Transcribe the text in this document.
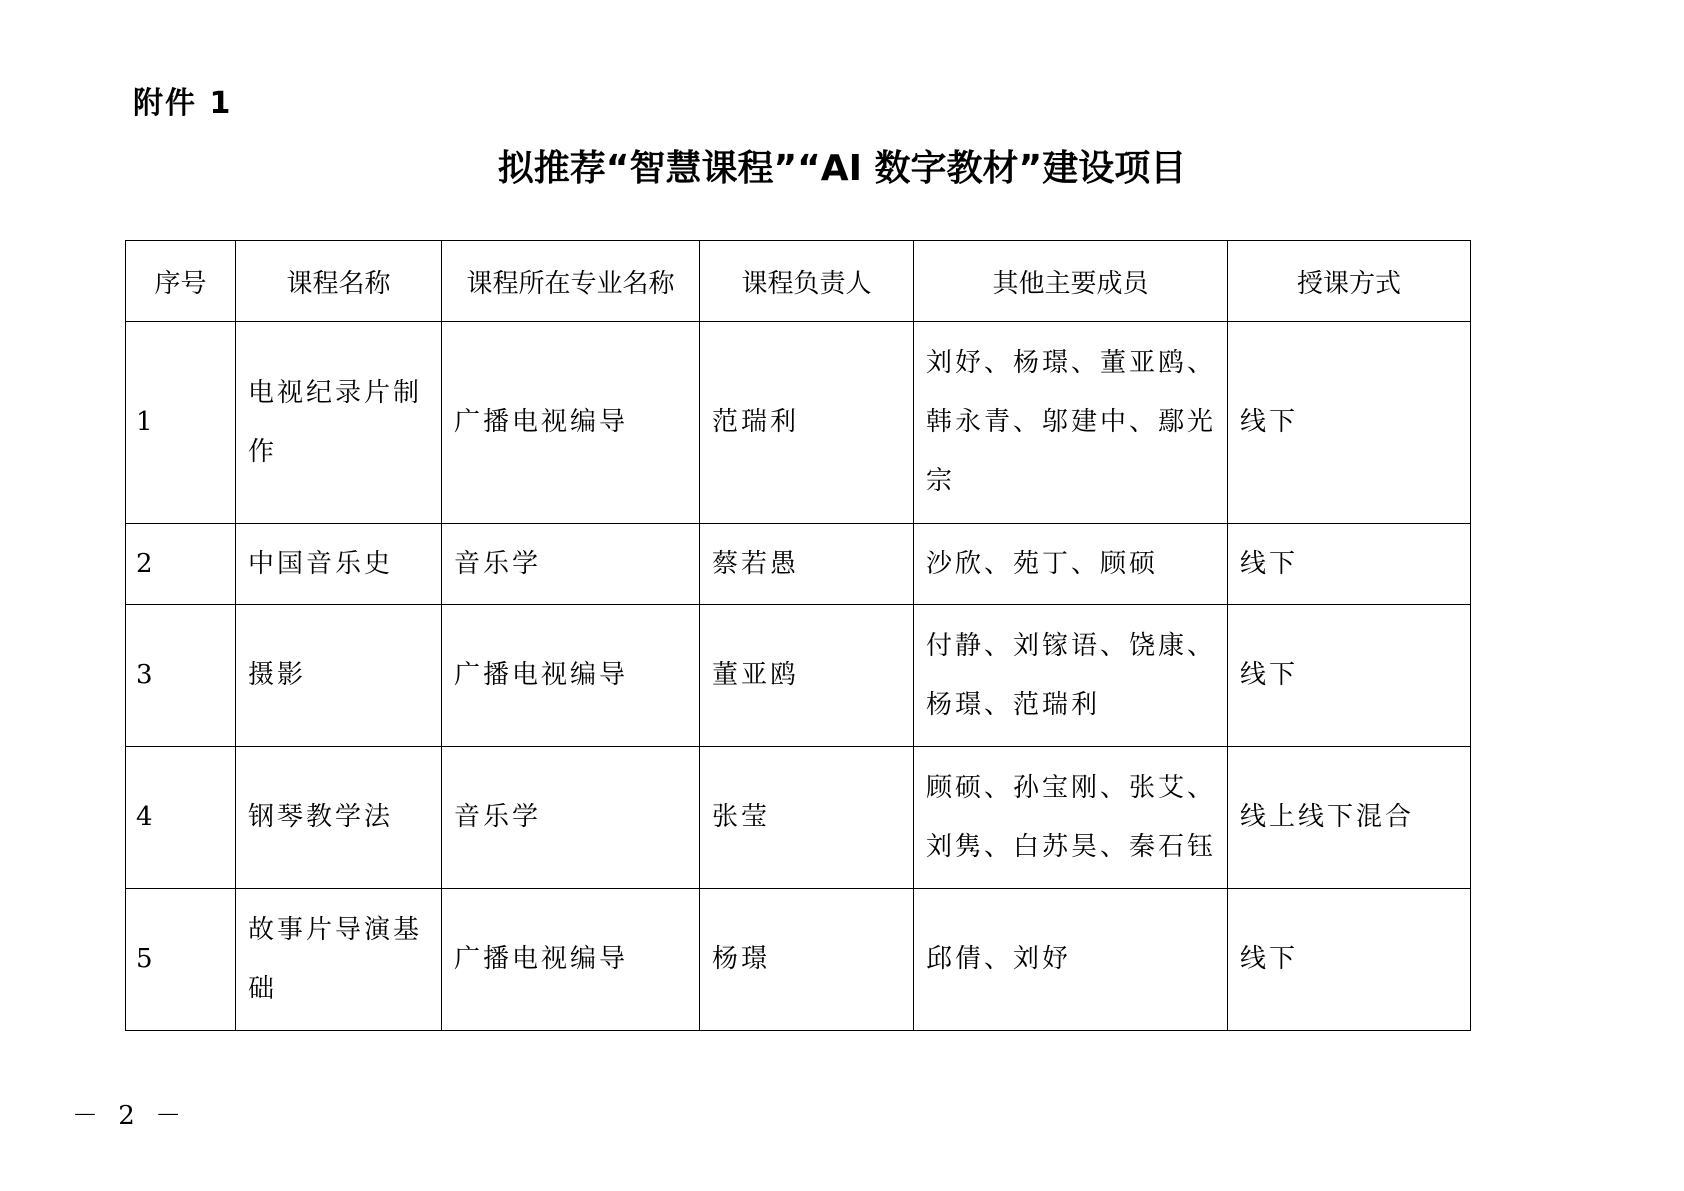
附件 1
拟推荐“智慧课程”“AI 数字教材”建设项目
序号	课程名称	课程所在专业名称	课程负责人	其他主要成员	授课方式
1	电视纪录片制作	广播电视编导	范瑞利	刘妤、杨璟、董亚鸥、韩永青、邬建中、鄢光宗	线下
2	中国音乐史	音乐学	蔡若愚	沙欣、苑丁、顾硕	线下
3	摄影	广播电视编导	董亚鸥	付静、刘镓语、饶康、杨璟、范瑞利	线下
4	钢琴教学法	音乐学	张莹	顾硕、孙宝刚、张艾、刘隽、白苏昊、秦石钰	线上线下混合
5	故事片导演基础	广播电视编导	杨璟	邱倩、刘妤	线下
－ 2 －
